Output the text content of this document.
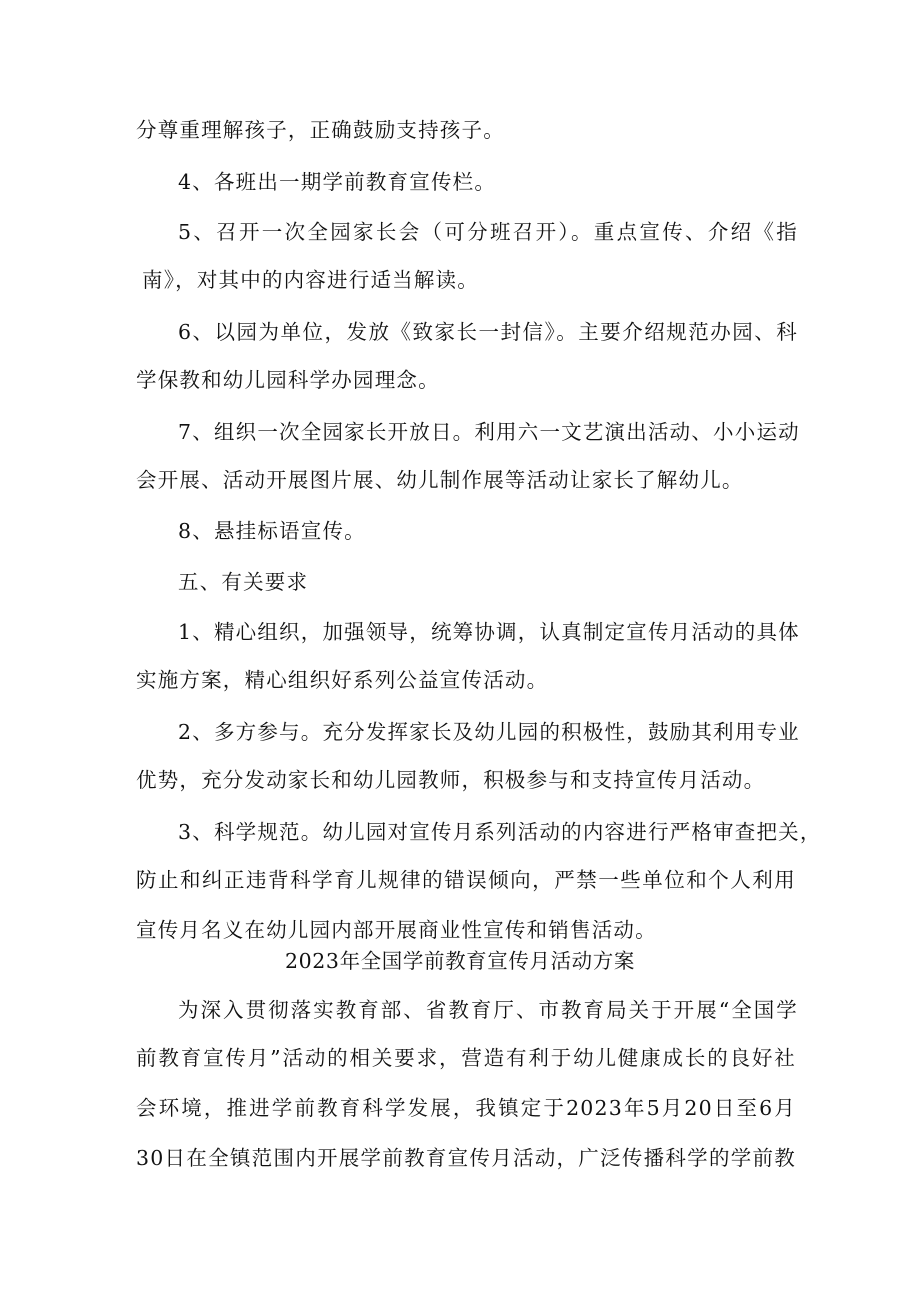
分尊重理解孩子，正确鼓励支持孩子。
4、各班出一期学前教育宣传栏。
5、召开一次全园家长会（可分班召开）。重点宣传、介绍《指
南》，对其中的内容进行适当解读。
6、以园为单位，发放《致家长一封信》。主要介绍规范办园、科
学保教和幼儿园科学办园理念。
7、组织一次全园家长开放日。利用六一文艺演出活动、小小运动
会开展、活动开展图片展、幼儿制作展等活动让家长了解幼儿。
8、悬挂标语宣传。
五、有关要求
1、精心组织，加强领导，统筹协调，认真制定宣传月活动的具体
实施方案，精心组织好系列公益宣传活动。
2、多方参与。充分发挥家长及幼儿园的积极性，鼓励其利用专业
优势，充分发动家长和幼儿园教师，积极参与和支持宣传月活动。
3、科学规范。幼儿园对宣传月系列活动的内容进行严格审查把关，
防止和纠正违背科学育儿规律的错误倾向，严禁一些单位和个人利用
宣传月名义在幼儿园内部开展商业性宣传和销售活动。
2023年全国学前教育宣传月活动方案
为深入贯彻落实教育部、省教育厅、市教育局关于开展“全国学
前教育宣传月”活动的相关要求，营造有利于幼儿健康成长的良好社
会环境，推进学前教育科学发展，我镇定于2023年5月20日至6月
30日在全镇范围内开展学前教育宣传月活动，广泛传播科学的学前教
